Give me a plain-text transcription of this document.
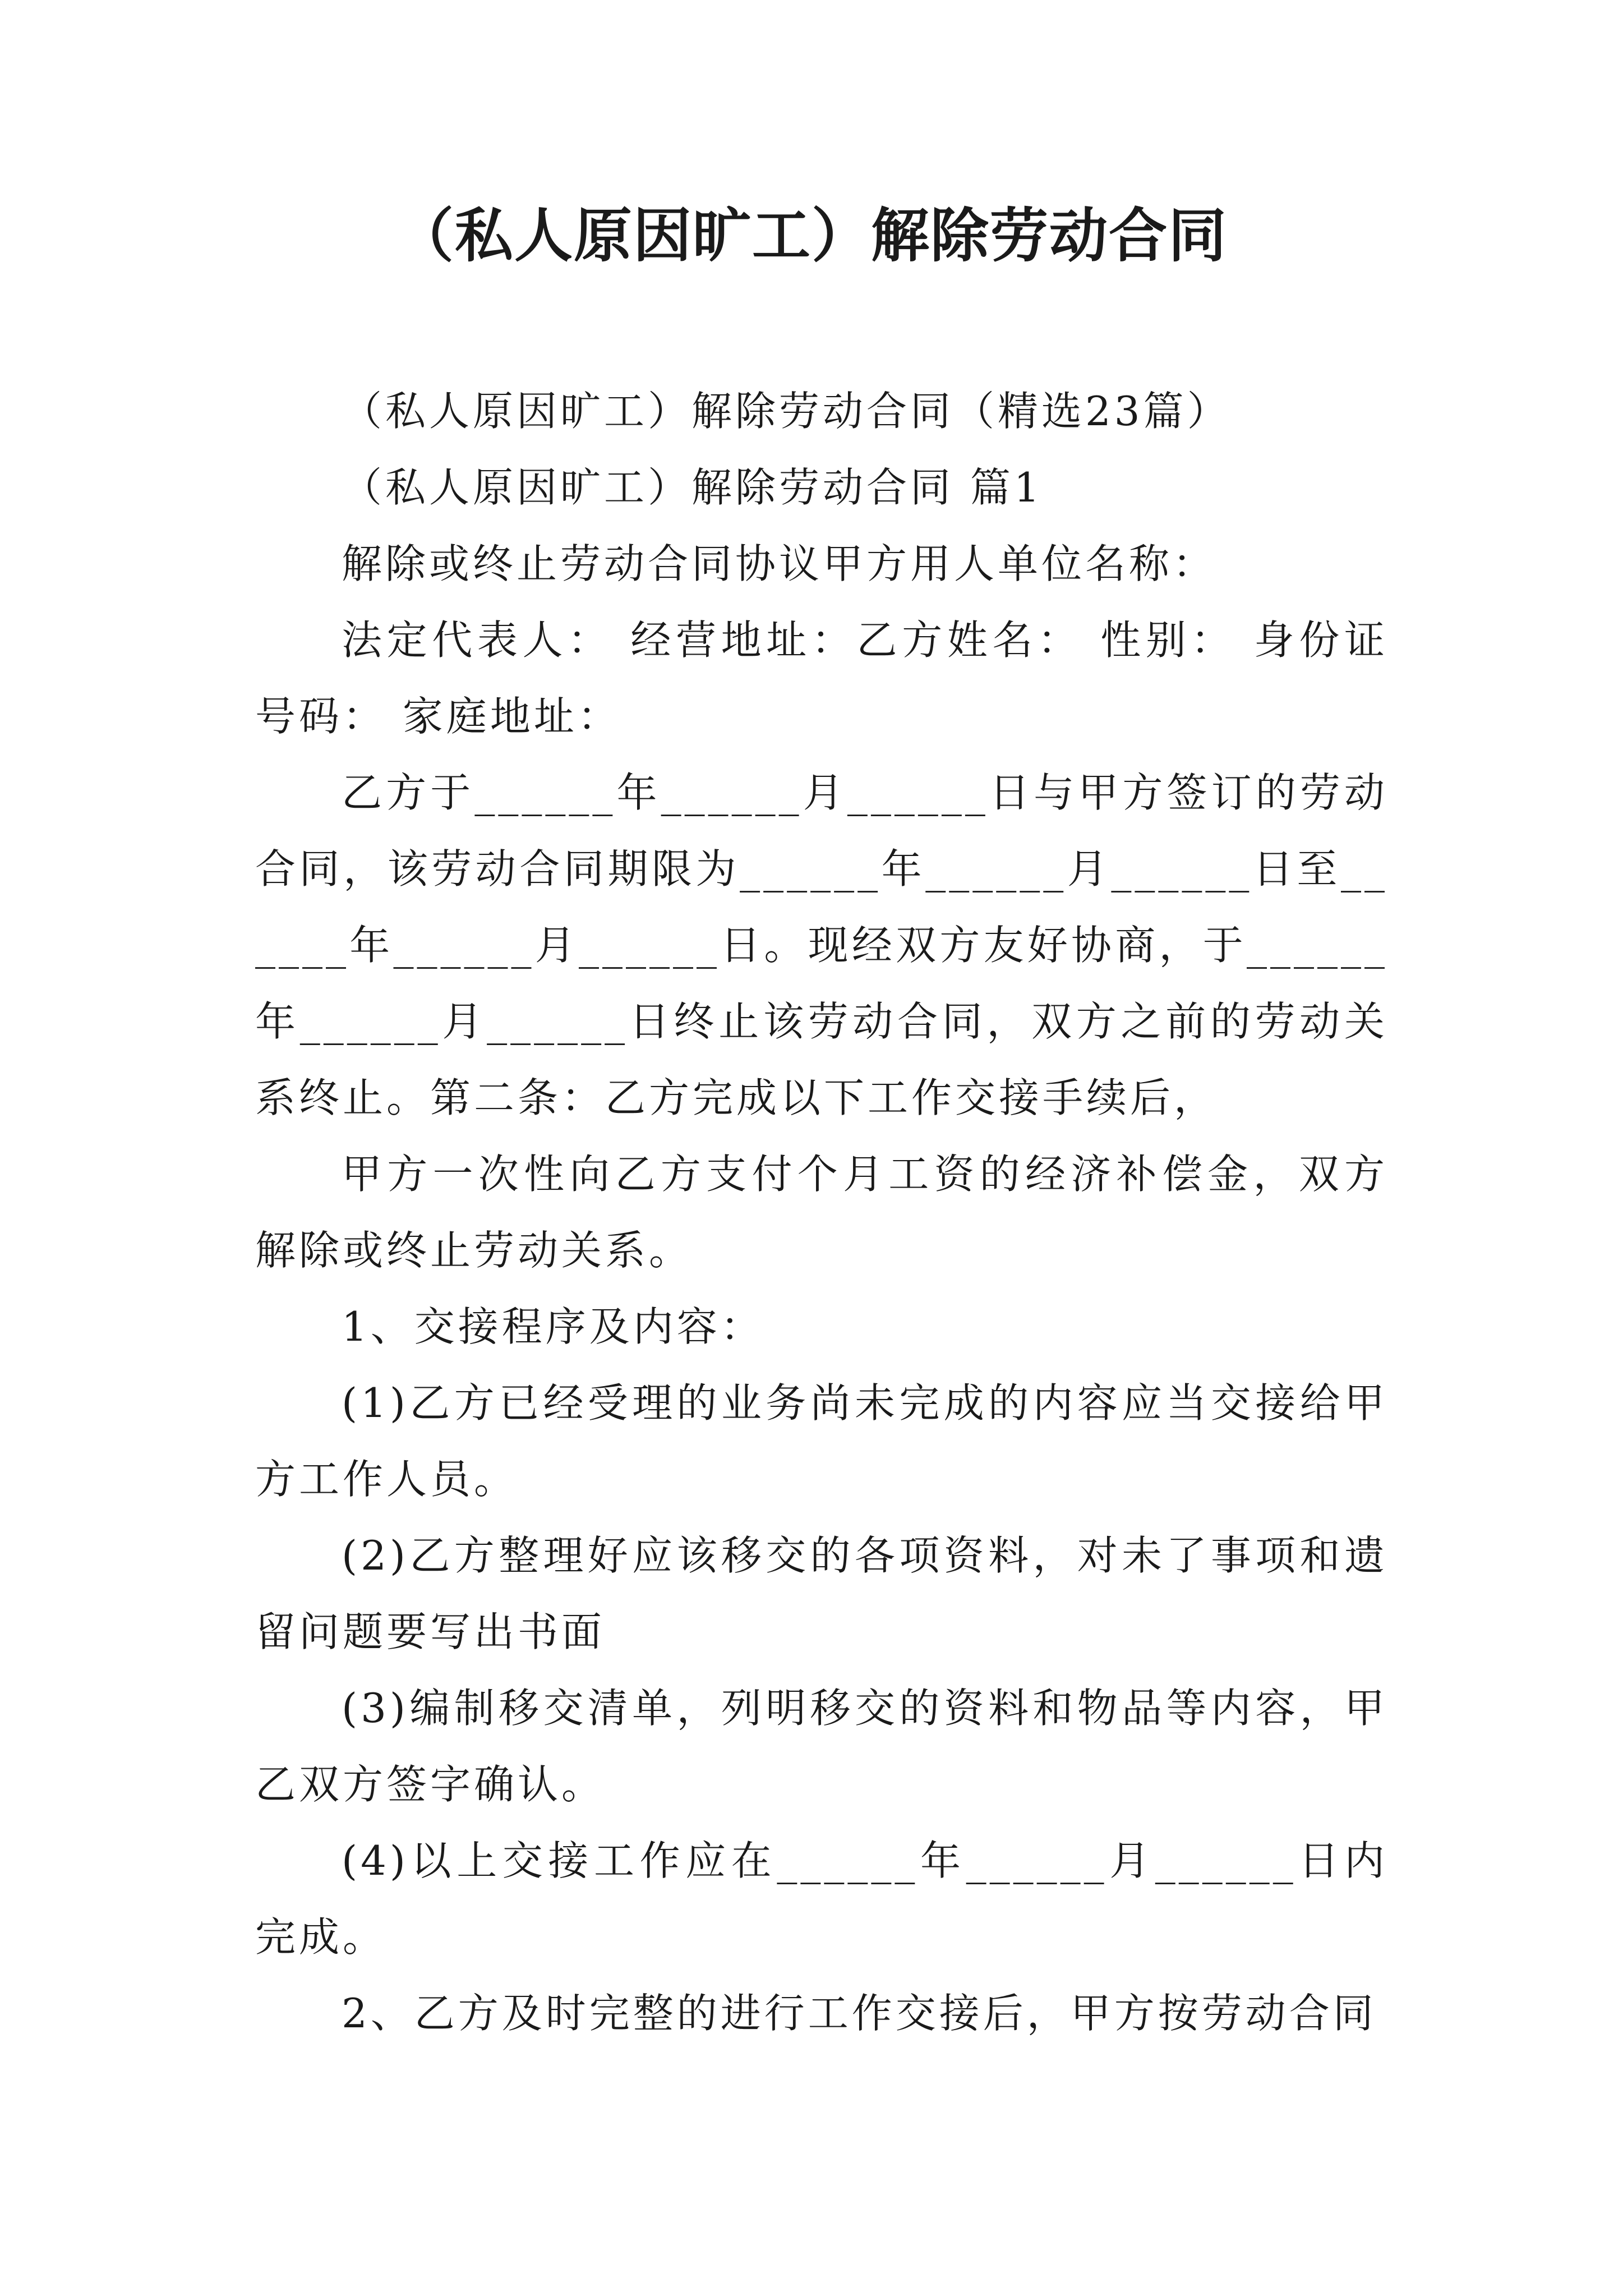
（私人原因旷工）解除劳动合同

（私人原因旷工）解除劳动合同（精选23篇）

（私人原因旷工）解除劳动合同 篇1

解除或终止劳动合同协议甲方用人单位名称：

法定代表人： 经营地址：乙方姓名： 性别： 身份证号码： 家庭地址：

乙方于______年______月______日与甲方签订的劳动合同，该劳动合同期限为______年______月______日至______年______月______日。现经双方友好协商，于______年______月______日终止该劳动合同，双方之前的劳动关系终止。第二条：乙方完成以下工作交接手续后，

甲方一次性向乙方支付个月工资的经济补偿金，双方解除或终止劳动关系。

1、交接程序及内容：

(1)乙方已经受理的业务尚未完成的内容应当交接给甲方工作人员。

(2)乙方整理好应该移交的各项资料，对未了事项和遗留问题要写出书面

(3)编制移交清单，列明移交的资料和物品等内容，甲乙双方签字确认。

(4)以上交接工作应在______年______月______日内完成。

2、乙方及时完整的进行工作交接后，甲方按劳动合同
